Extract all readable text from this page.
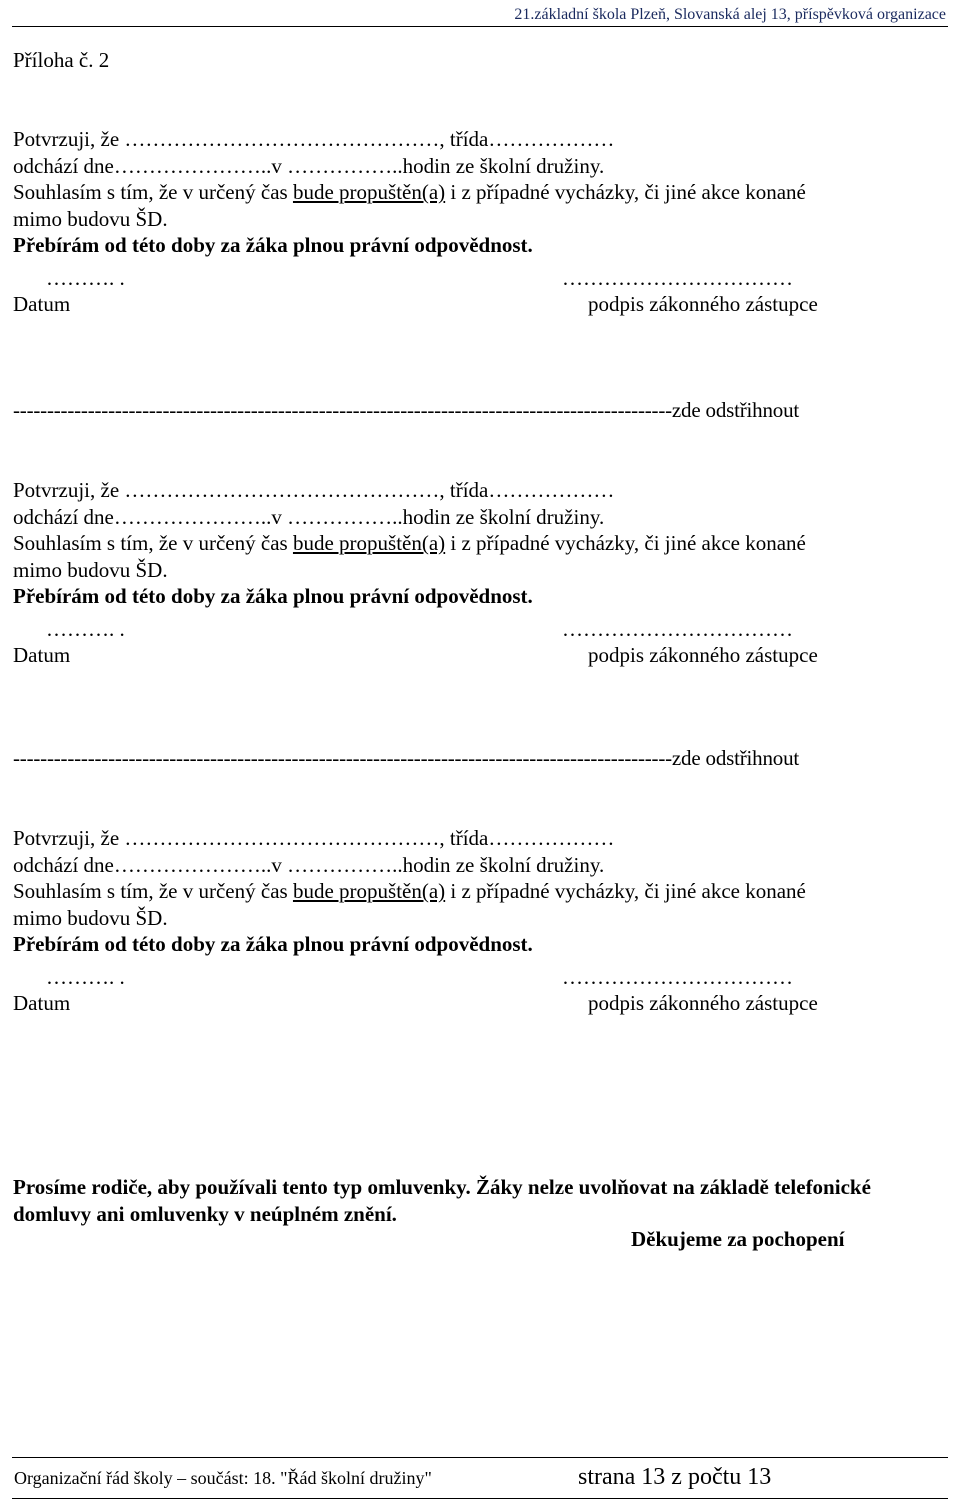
21.základní škola Plzeň, Slovanská alej 13, příspěvková organizace
Příloha č. 2
Potvrzuji, že ………………………………………, třída………………
odchází dne…………………..v ……………..hodin ze školní družiny.
Souhlasím s tím, že v určený čas bude propuštěn(a) i z případné vycházky, či jiné akce konané
mimo budovu ŠD.
Přebírám od této doby za žáka plnou právní odpovědnost.
………. .	……………………………
Datum	podpis zákonného zástupce
-------------------------------------------------------------------------------------------------zde odstřihnout
Potvrzuji, že ………………………………………, třída………………
odchází dne…………………..v ……………..hodin ze školní družiny.
Souhlasím s tím, že v určený čas bude propuštěn(a) i z případné vycházky, či jiné akce konané
mimo budovu ŠD.
Přebírám od této doby za žáka plnou právní odpovědnost.
………. .	……………………………
Datum	podpis zákonného zástupce
-------------------------------------------------------------------------------------------------zde odstřihnout
Potvrzuji, že ………………………………………, třída………………
odchází dne…………………..v ……………..hodin ze školní družiny.
Souhlasím s tím, že v určený čas bude propuštěn(a) i z případné vycházky, či jiné akce konané
mimo budovu ŠD.
Přebírám od této doby za žáka plnou právní odpovědnost.
………. .	……………………………
Datum	podpis zákonného zástupce
Prosíme rodiče, aby používali tento typ omluvenky. Žáky nelze uvolňovat na základě telefonické domluvy ani omluvenky v neúplném znění.
Děkujeme za pochopení
Organizační řád školy – součást: 18. "Řád školní družiny"	strana 13 z počtu 13
